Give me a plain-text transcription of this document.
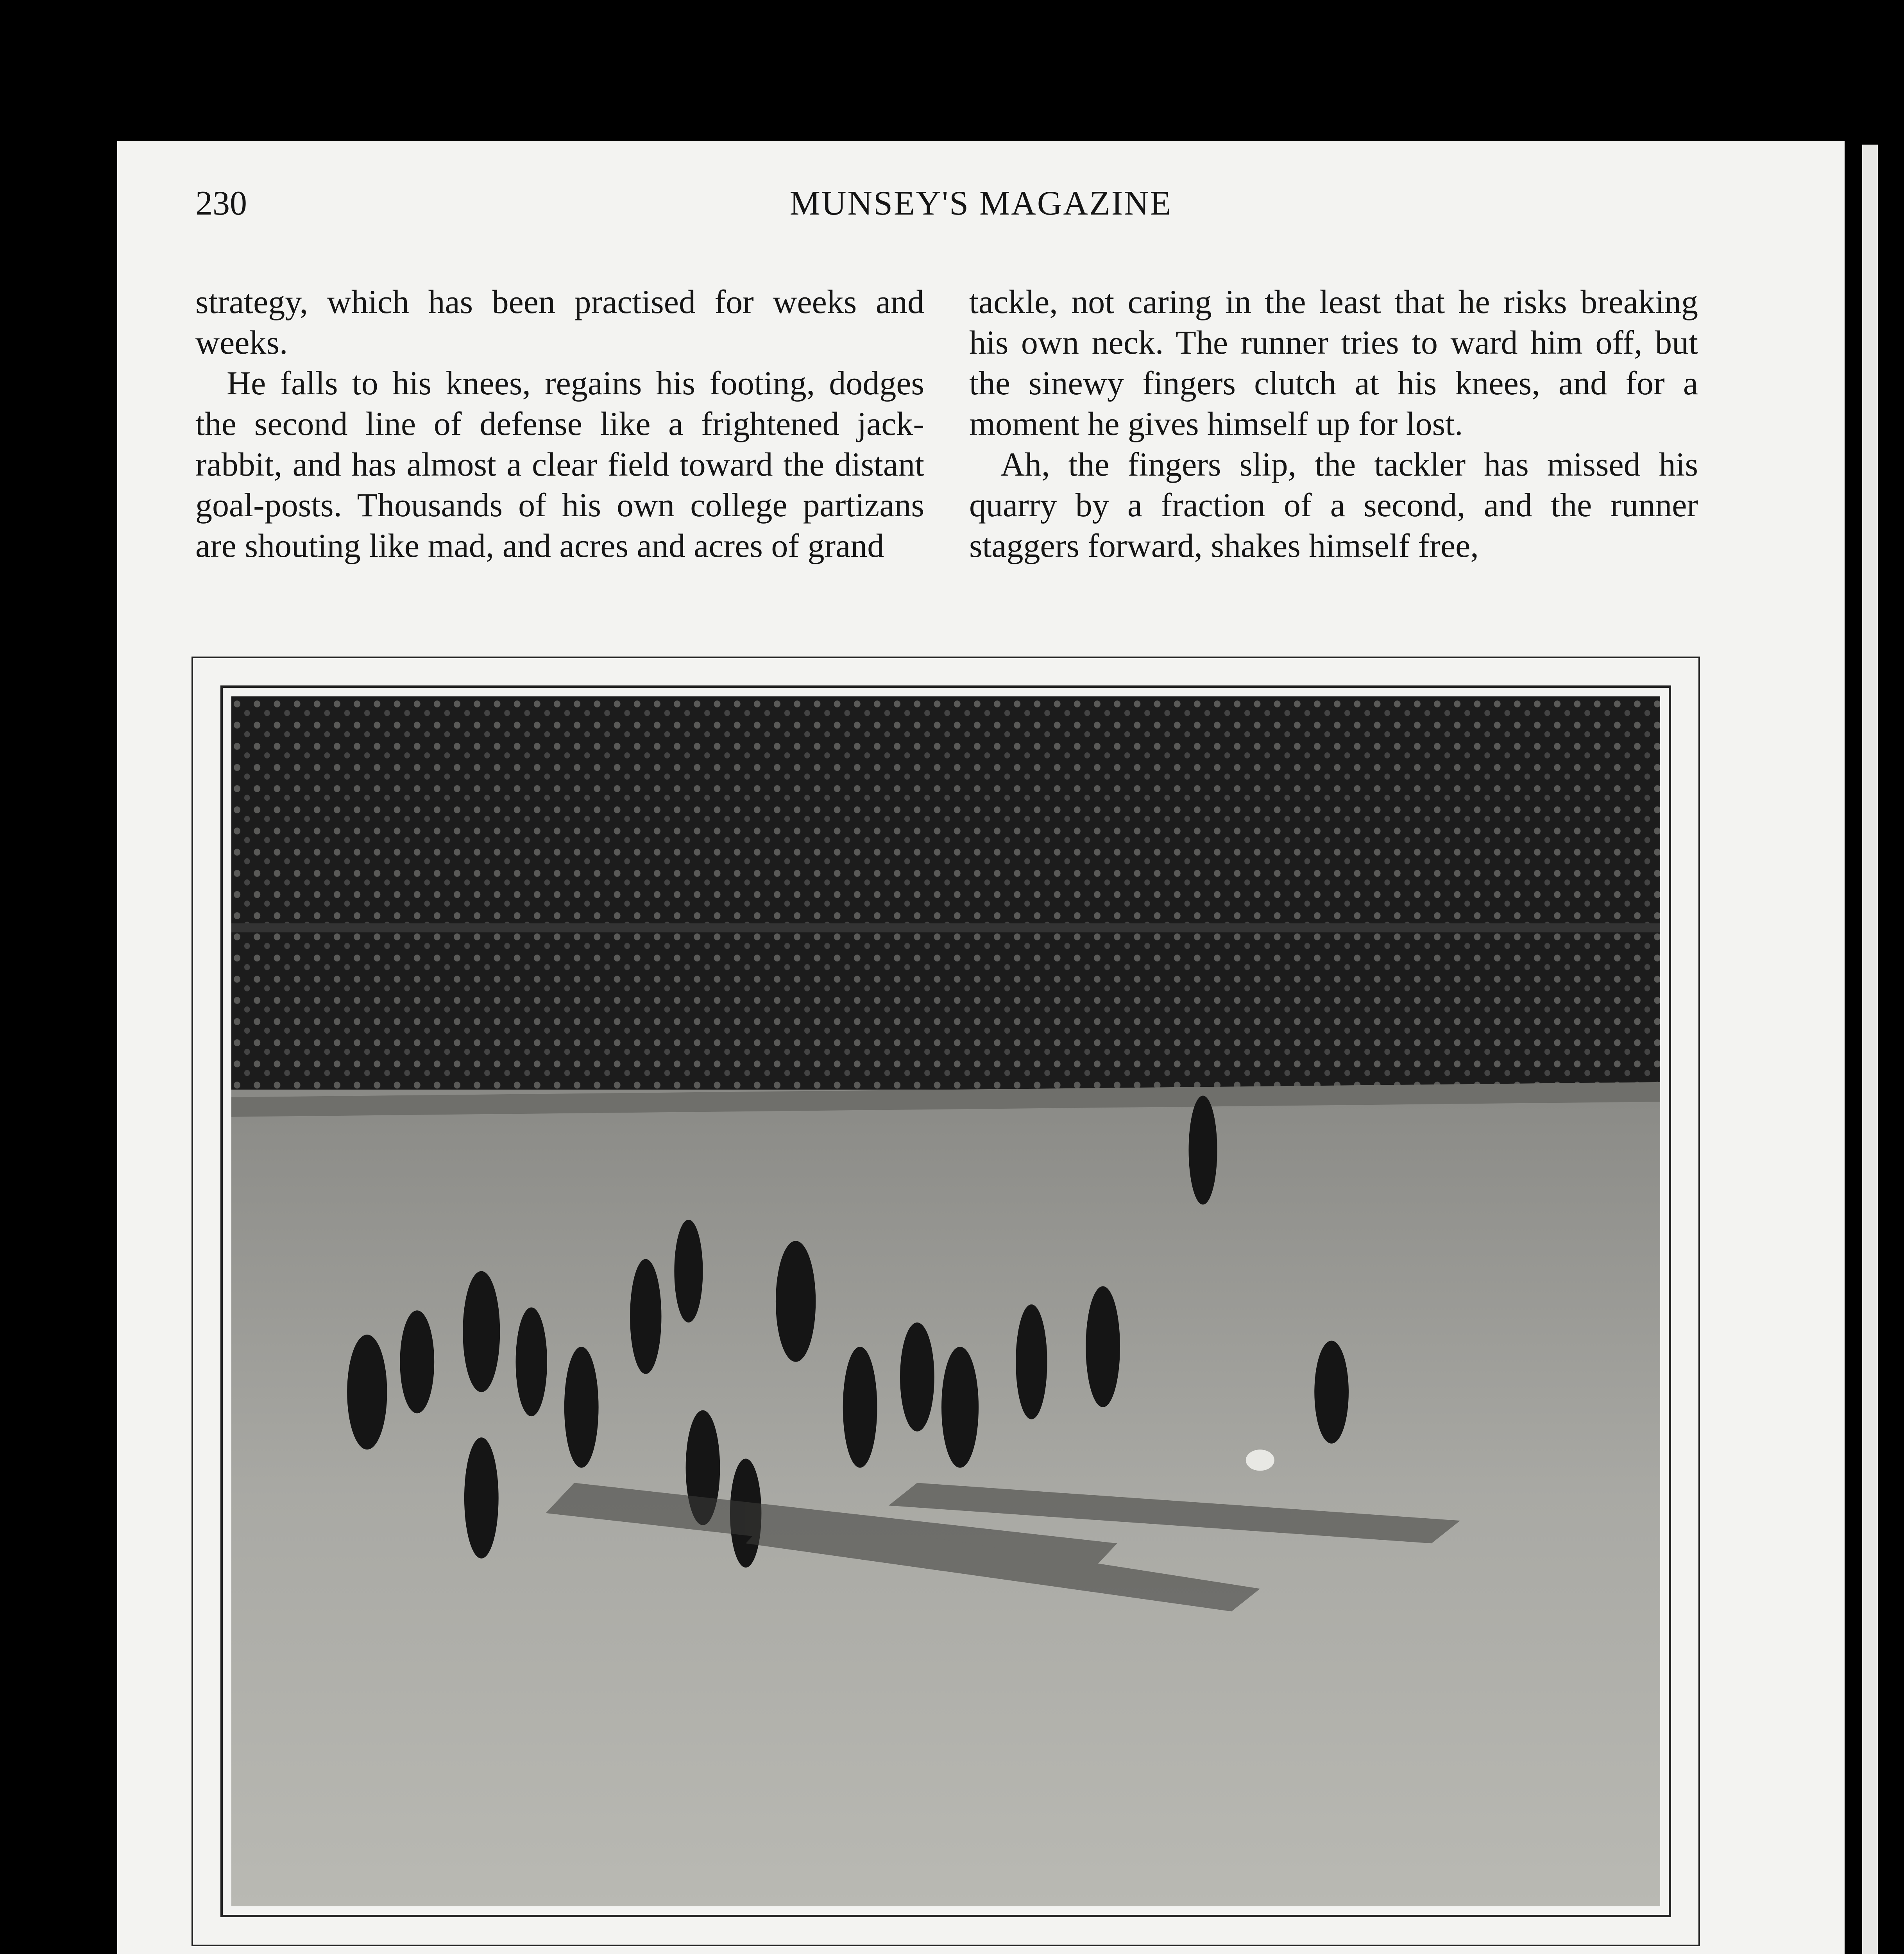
230	MUNSEY'S MAGAZINE

strategy, which has been practised for weeks and weeks.

He falls to his knees, regains his footing, dodges the second line of defense like a frightened jack-rabbit, and has almost a clear field toward the distant goal-posts. Thousands of his own college partizans are shouting like mad, and acres and acres of grand

tackle, not caring in the least that he risks breaking his own neck. The runner tries to ward him off, but the sinewy fingers clutch at his knees, and for a moment he gives himself up for lost.

Ah, the fingers slip, the tackler has missed his quarry by a fraction of a second, and the runner staggers forward, shakes himself free,
